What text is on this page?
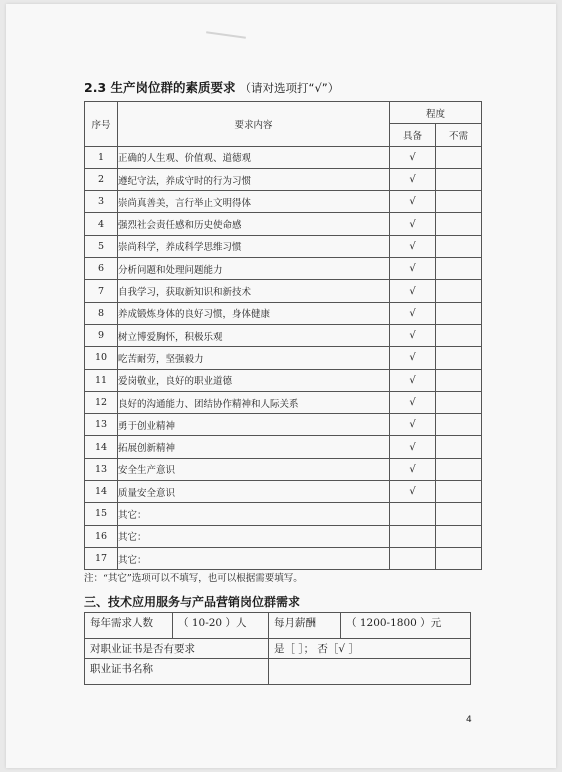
2.3 生产岗位群的素质要求 （请对选项打“√”）
序号	要求内容	程度	
		具备	不需
1	正确的人生观、价值观、道德观	√	
2	遵纪守法，养成守时的行为习惯	√	
3	崇尚真善美，言行举止文明得体	√	
4	强烈社会责任感和历史使命感	√	
5	崇尚科学，养成科学思维习惯	√	
6	分析问题和处理问题能力	√	
7	自我学习，获取新知识和新技术	√	
8	养成锻炼身体的良好习惯，身体健康	√	
9	树立博爱胸怀，积极乐观	√	
10	吃苦耐劳，坚强毅力	√	
11	爱岗敬业，良好的职业道德	√	
12	良好的沟通能力、团结协作精神和人际关系	√	
13	勇于创业精神	√	
14	拓展创新精神	√	
13	安全生产意识	√	
14	质量安全意识	√	
15	其它：		
16	其它：		
17	其它：		
注：“其它”选项可以不填写，也可以根据需要填写。
三、技术应用服务与产品营销岗位群需求
每年需求人数	（ 10-20 ）人	每月薪酬	（ 1200-1800 ）元
对职业证书是否有要求		是［ ］； 否［√ ］	
职业证书名称			
4
